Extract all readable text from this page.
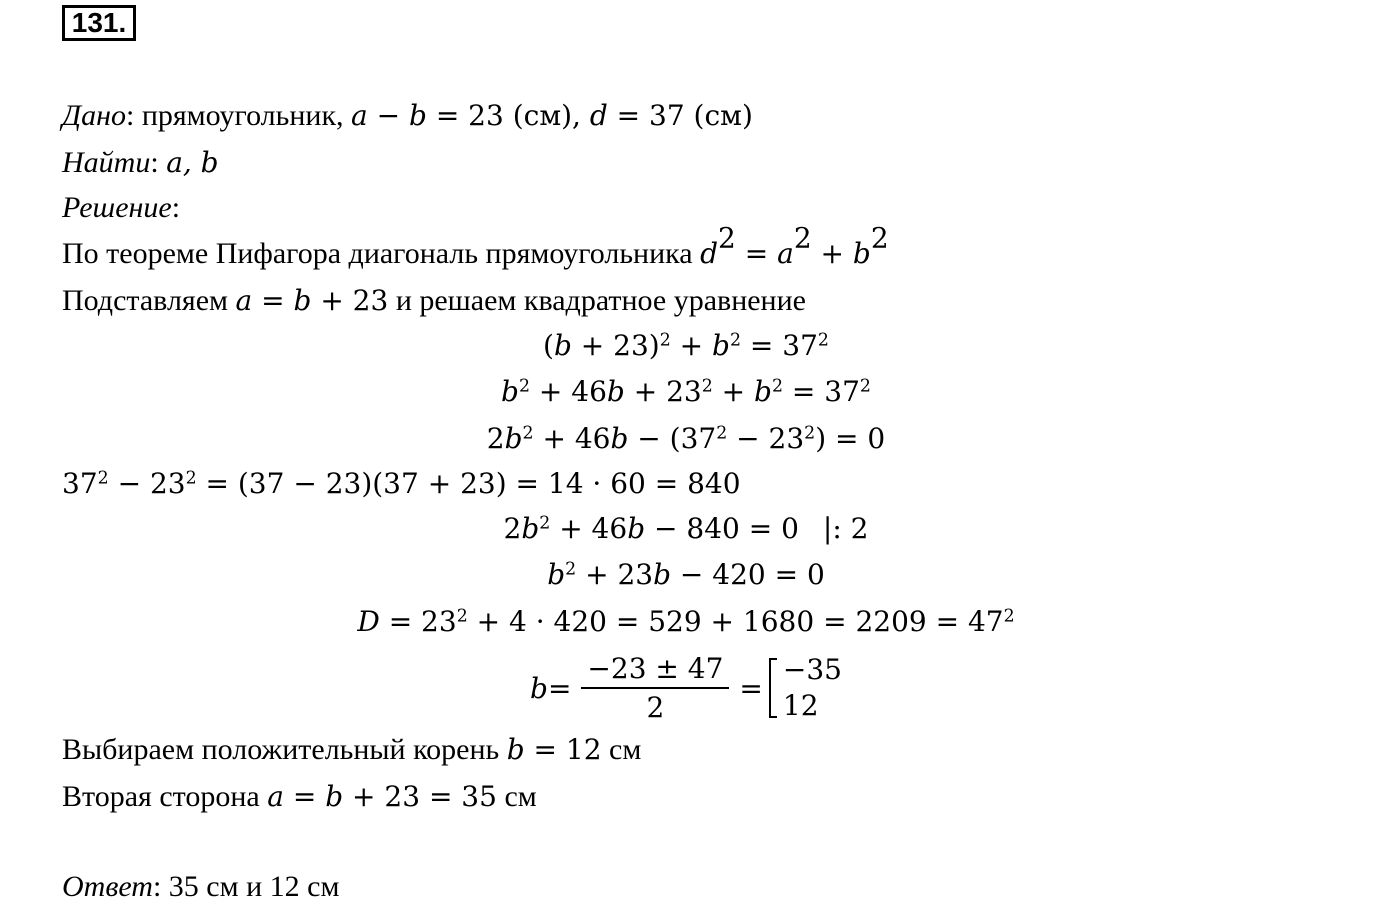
131.
Дано: прямоугольник, a − b = 23 (см), d = 37 (см)
Найти: a, b
Решение:
По теореме Пифагора диагональ прямоугольника $d^2 = a^2 + b^2$
Подставляем a = b + 23 и решаем квадратное уравнение
$(b + 23)^2 + b^2 = 37^2$
$b^2 + 46b + 23^2 + b^2 = 37^2$
$2b^2 + 46b - (37^2 - 23^2) = 0$
$37^2 - 23^2 = (37 - 23)(37 + 23) = 14 \cdot 60 = 840$
$2b^2 + 46b - 840 = 0$ |: 2
$b^2 + 23b - 420 = 0$
$D = 23^2 + 4 \cdot 420 = 529 + 1680 = 2209 = 47^2$
$b = \frac{-23 \pm 47}{2}$ =
−35
12
Выбираем положительный корень b = 12 см
Вторая сторона a = b + 23 = 35 см
Ответ: 35 см и 12 см
